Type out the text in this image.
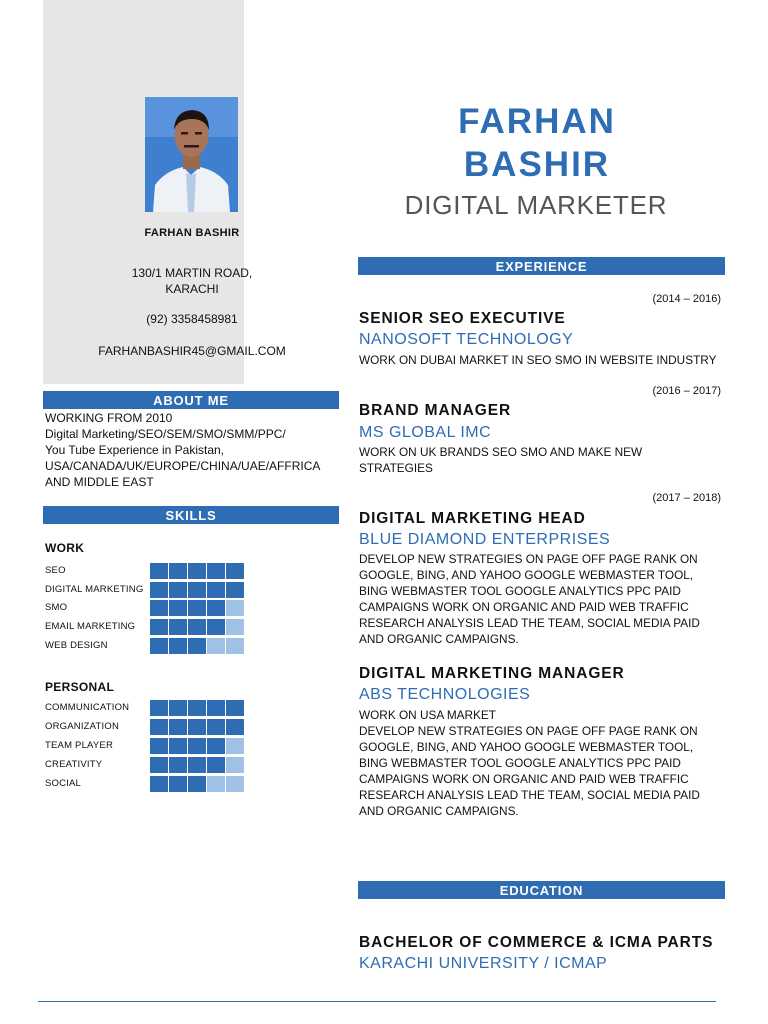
FARHAN BASHIR
130/1 MARTIN ROAD,
KARACHI
(92) 3358458981
FARHANBASHIR45@GMAIL.COM
ABOUT ME
WORKING FROM 2010
Digital Marketing/SEO/SEM/SMO/SMM/PPC/
You Tube Experience in Pakistan,
USA/CANADA/UK/EUROPE/CHINA/UAE/AFFRICA
AND MIDDLE EAST
SKILLS
WORK
SEO
DIGITAL MARKETING
SMO
EMAIL MARKETING
WEB DESIGN
PERSONAL
COMMUNICATION
ORGANIZATION
TEAM PLAYER
CREATIVITY
SOCIAL
FARHAN
BASHIR
DIGITAL MARKETER
EXPERIENCE
(2014 – 2016)
SENIOR SEO EXECUTIVE
NANOSOFT TECHNOLOGY
WORK ON DUBAI MARKET IN SEO SMO IN WEBSITE INDUSTRY
(2016 – 2017)
BRAND MANAGER
MS GLOBAL IMC
WORK ON UK BRANDS SEO SMO AND MAKE NEW
STRATEGIES
(2017 – 2018)
DIGITAL MARKETING HEAD
BLUE DIAMOND ENTERPRISES
DEVELOP NEW STRATEGIES ON PAGE OFF PAGE RANK ON
GOOGLE, BING, AND YAHOO GOOGLE WEBMASTER TOOL,
BING WEBMASTER TOOL GOOGLE ANALYTICS PPC PAID
CAMPAIGNS WORK ON ORGANIC AND PAID WEB TRAFFIC
RESEARCH ANALYSIS LEAD THE TEAM, SOCIAL MEDIA PAID
AND ORGANIC CAMPAIGNS.
DIGITAL MARKETING MANAGER
ABS TECHNOLOGIES
WORK ON USA MARKET
DEVELOP NEW STRATEGIES ON PAGE OFF PAGE RANK ON
GOOGLE, BING, AND YAHOO GOOGLE WEBMASTER TOOL,
BING WEBMASTER TOOL GOOGLE ANALYTICS PPC PAID
CAMPAIGNS WORK ON ORGANIC AND PAID WEB TRAFFIC
RESEARCH ANALYSIS LEAD THE TEAM, SOCIAL MEDIA PAID
AND ORGANIC CAMPAIGNS.
EDUCATION
BACHELOR OF COMMERCE & ICMA PARTS
KARACHI UNIVERSITY / ICMAP
